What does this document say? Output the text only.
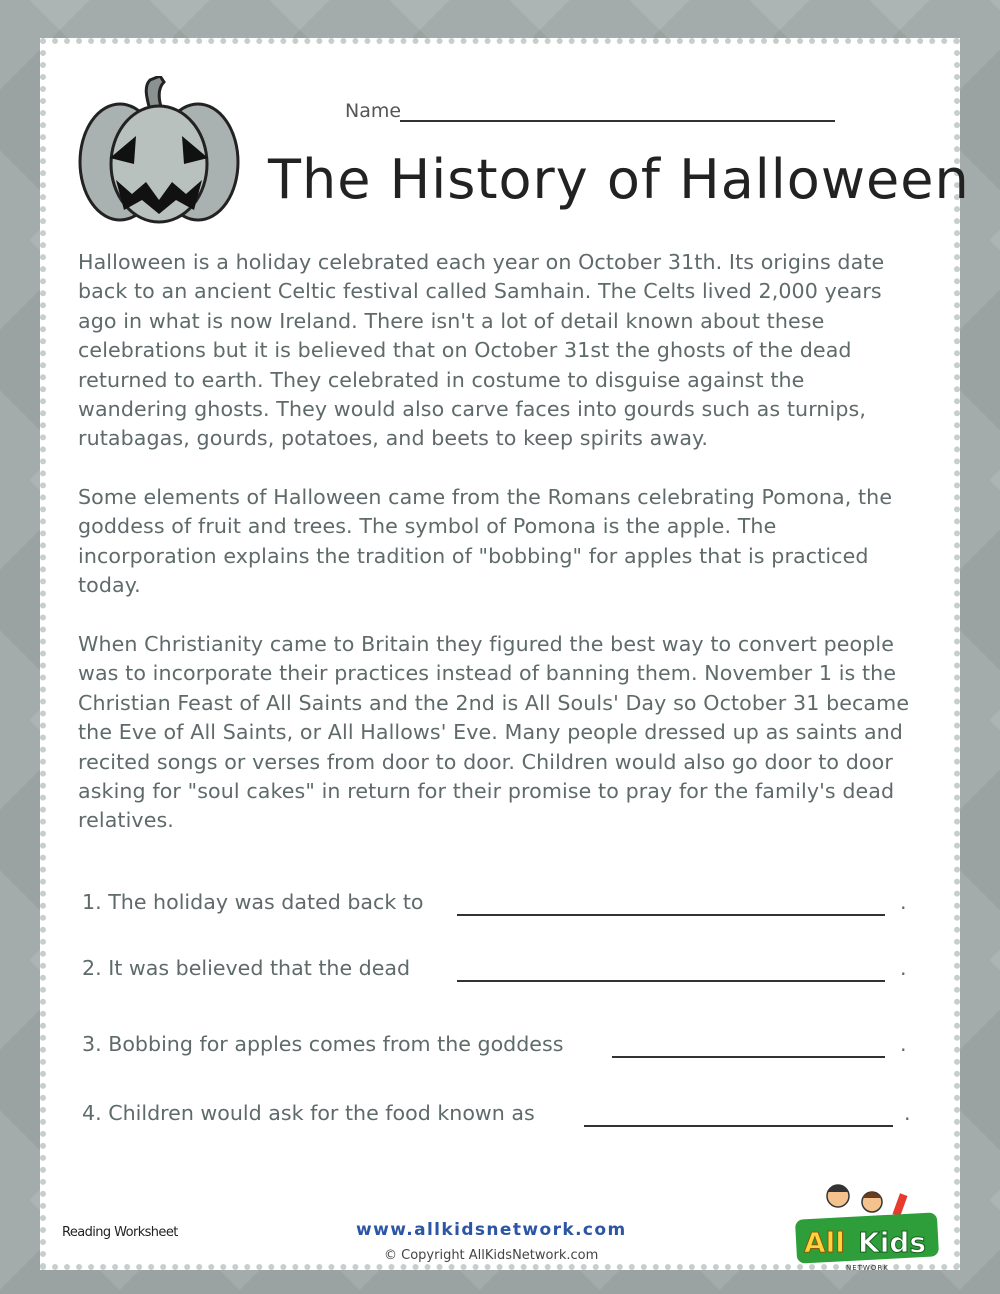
Name
The History of Halloween

Halloween is a holiday celebrated each year on October 31th. Its origins date back to an ancient Celtic festival called Samhain. The Celts lived 2,000 years ago in what is now Ireland. There isn't a lot of detail known about these celebrations but it is believed that on October 31st the ghosts of the dead returned to earth. They celebrated in costume to disguise against the wandering ghosts. They would also carve faces into gourds such as turnips, rutabagas, gourds, potatoes, and beets to keep spirits away.

Some elements of Halloween came from the Romans celebrating Pomona, the goddess of fruit and trees. The symbol of Pomona is the apple. The incorporation explains the tradition of "bobbing" for apples that is practiced today.

When Christianity came to Britain they figured the best way to convert people was to incorporate their practices instead of banning them. November 1 is the Christian Feast of All Saints and the 2nd is All Souls' Day so October 31 became the Eve of All Saints, or All Hallows' Eve. Many people dressed up as saints and recited songs or verses from door to door. Children would also go door to door asking for "soul cakes" in return for their promise to pray for the family's dead relatives.

1. The holiday was dated back to	.
2. It was believed that the dead	.
3. Bobbing for apples comes from the goddess	.
4. Children would ask for the food known as	.
Reading Worksheet	www.allkidsnetwork.com
© Copyright AllKidsNetwork.com	All Kids
NETWORK
